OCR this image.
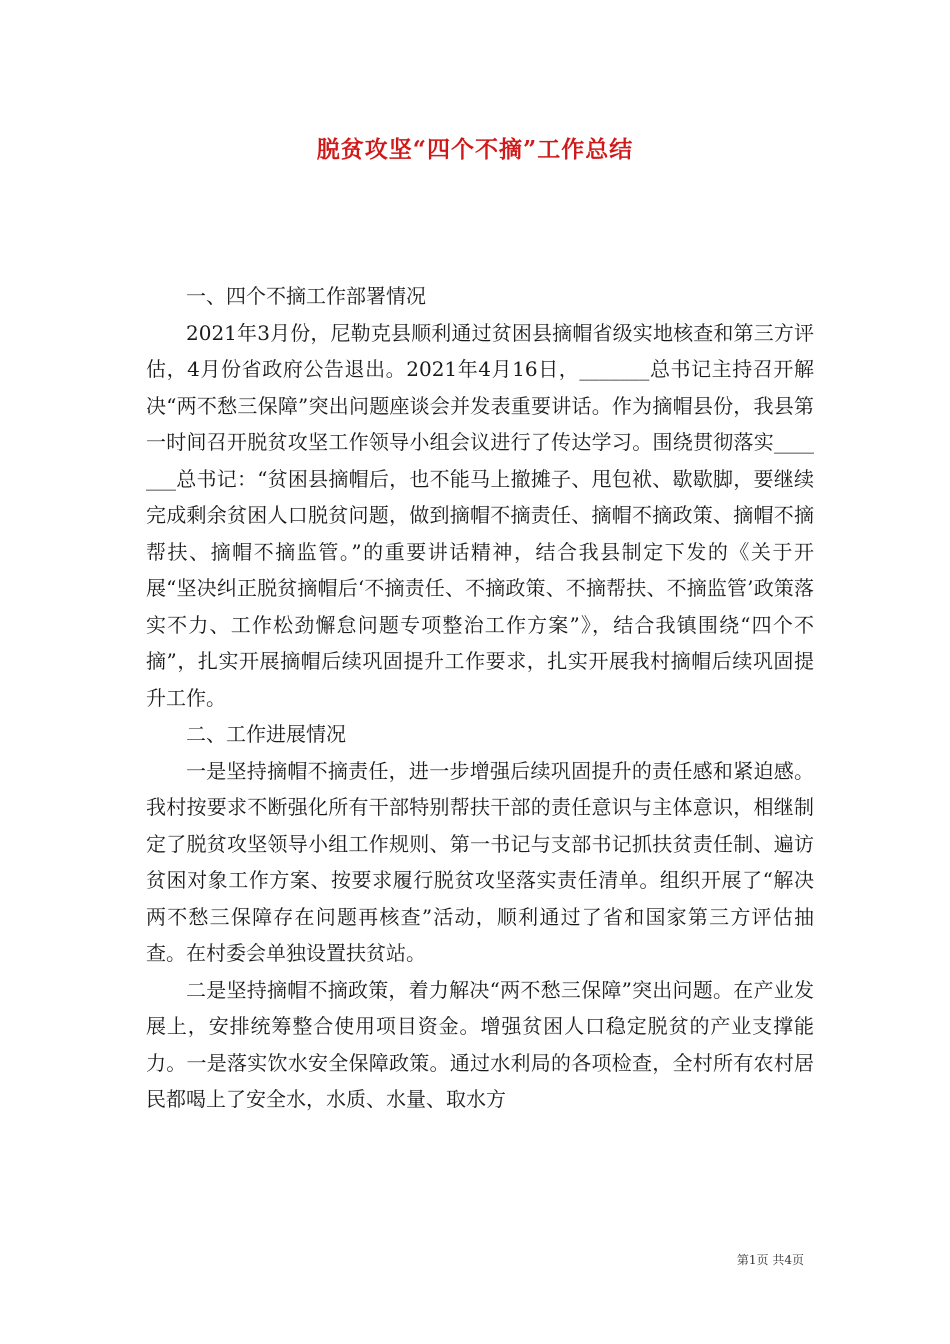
脱贫攻坚“四个不摘”工作总结

一、四个不摘工作部署情况

2021年3月份，尼勒克县顺利通过贫困县摘帽省级实地核查和第三方评估，4月份省政府公告退出。2021年4月16日，_______总书记主持召开解决“两不愁三保障”突出问题座谈会并发表重要讲话。作为摘帽县份，我县第一时间召开脱贫攻坚工作领导小组会议进行了传达学习。围绕贯彻落实_______总书记：“贫困县摘帽后，也不能马上撤摊子、甩包袱、歇歇脚，要继续完成剩余贫困人口脱贫问题，做到摘帽不摘责任、摘帽不摘政策、摘帽不摘帮扶、摘帽不摘监管。”的重要讲话精神，结合我县制定下发的《关于开展“坚决纠正脱贫摘帽后‘不摘责任、不摘政策、不摘帮扶、不摘监管’政策落实不力、工作松劲懈怠问题专项整治工作方案”》，结合我镇围绕“四个不摘”，扎实开展摘帽后续巩固提升工作要求，扎实开展我村摘帽后续巩固提升工作。

二、工作进展情况

一是坚持摘帽不摘责任，进一步增强后续巩固提升的责任感和紧迫感。我村按要求不断强化所有干部特别帮扶干部的责任意识与主体意识，相继制定了脱贫攻坚领导小组工作规则、第一书记与支部书记抓扶贫责任制、遍访贫困对象工作方案、按要求履行脱贫攻坚落实责任清单。组织开展了“解决两不愁三保障存在问题再核查”活动，顺利通过了省和国家第三方评估抽查。在村委会单独设置扶贫站。

二是坚持摘帽不摘政策，着力解决“两不愁三保障”突出问题。在产业发展上，安排统筹整合使用项目资金。增强贫困人口稳定脱贫的产业支撑能力。一是落实饮水安全保障政策。通过水利局的各项检查，全村所有农村居民都喝上了安全水，水质、水量、取水方

第1页 共4页
